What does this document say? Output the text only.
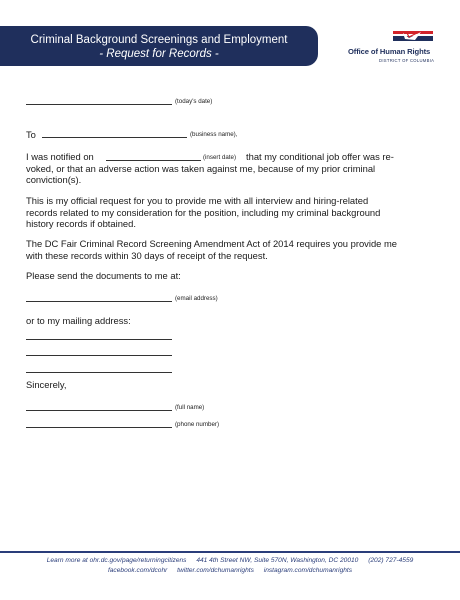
Criminal Background Screenings and Employment
- Request for Records -	Office of Human Rights
DISTRICT OF COLUMBIA
(today's date)
To	(business name),
I was notified on	(insert date) that my conditional job offer was re-
voked, or that an adverse action was taken against me, because of my prior criminal
conviction(s).
This is my official request for you to provide me with all interview and hiring-related
records related to my consideration for the position, including my criminal background
history records if obtained.
The DC Fair Criminal Record Screening Amendment Act of 2014 requires you provide me
with these records within 30 days of receipt of the request.
Please send the documents to me at:
(email address)
or to my mailing address:
Sincerely,
(full name)
(phone number)
Learn more at ohr.dc.gov/page/returningcitizens 441 4th Street NW, Suite 570N, Washington, DC 20010 (202) 727-4559
facebook.com/dcohr twitter.com/dchumanrights instagram.com/dchumanrights
